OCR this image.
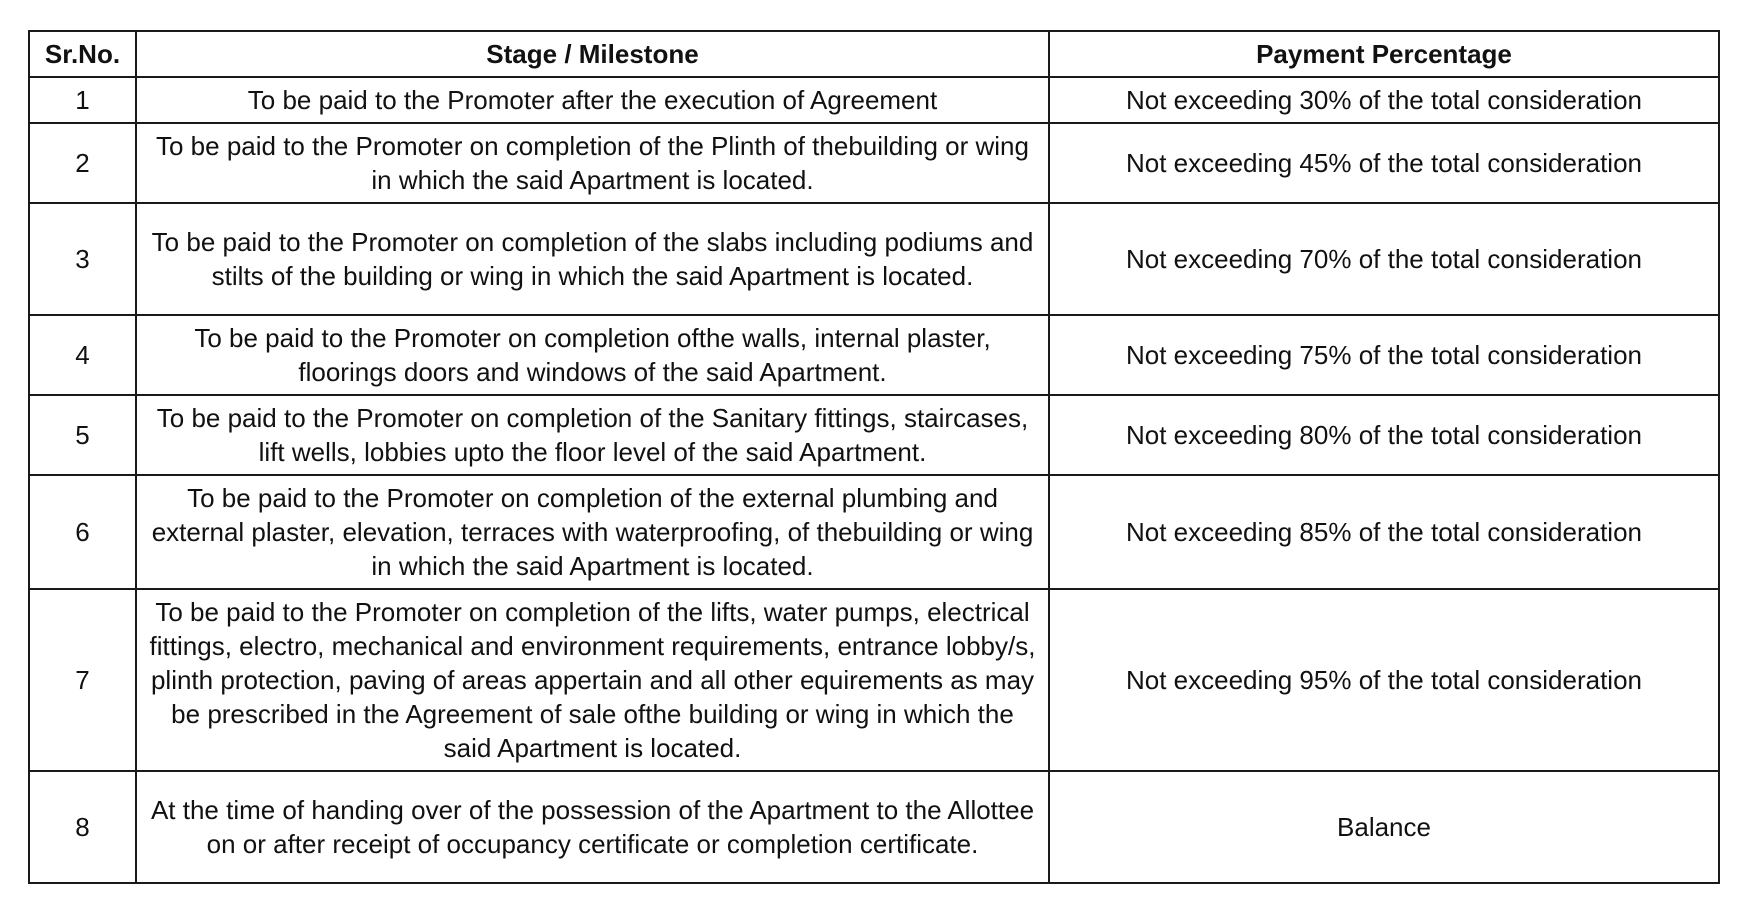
Sr.No.	Stage / Milestone	Payment Percentage
1	To be paid to the Promoter after the execution of Agreement	Not exceeding 30% of the total consideration
2	To be paid to the Promoter on completion of the Plinth of thebuilding or wing in which the said Apartment is located.	Not exceeding 45% of the total consideration
3	To be paid to the Promoter on completion of the slabs including podiums and stilts of the building or wing in which the said Apartment is located.	Not exceeding 70% of the total consideration
4	To be paid to the Promoter on completion ofthe walls, internal plaster, floorings doors and windows of the said Apartment.	Not exceeding 75% of the total consideration
5	To be paid to the Promoter on completion of the Sanitary fittings, staircases, lift wells, lobbies upto the floor level of the said Apartment.	Not exceeding 80% of the total consideration
6	To be paid to the Promoter on completion of the external plumbing and external plaster, elevation, terraces with waterproofing, of thebuilding or wing in which the said Apartment is located.	Not exceeding 85% of the total consideration
7	To be paid to the Promoter on completion of the lifts, water pumps, electrical fittings, electro, mechanical and environment requirements, entrance lobby/s, plinth protection, paving of areas appertain and all other equirements as may be prescribed in the Agreement of sale ofthe building or wing in which the said Apartment is located.	Not exceeding 95% of the total consideration
8	At the time of handing over of the possession of the Apartment to the Allottee on or after receipt of occupancy certificate or completion certificate.	Balance
